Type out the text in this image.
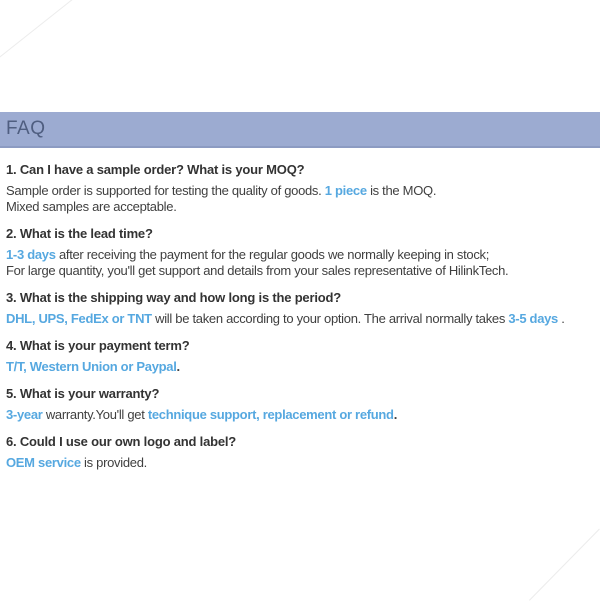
FAQ
1. Can I have a sample order? What is your MOQ?
Sample order is supported for testing the quality of goods. 1 piece is the MOQ.
Mixed samples are acceptable.
2. What is the lead time?
1-3 days after receiving the payment for the regular goods we normally keeping in stock;
For large quantity, you'll get support and details from your sales representative of HilinkTech.
3. What is the shipping way and how long is the period?
DHL, UPS, FedEx or TNT will be taken according to your option. The arrival normally takes 3-5 days .
4. What is your payment term?
T/T, Western Union or Paypal.
5. What is your warranty?
3-year warranty.You'll get technique support, replacement or refund.
6. Could I use our own logo and label?
OEM service is provided.
